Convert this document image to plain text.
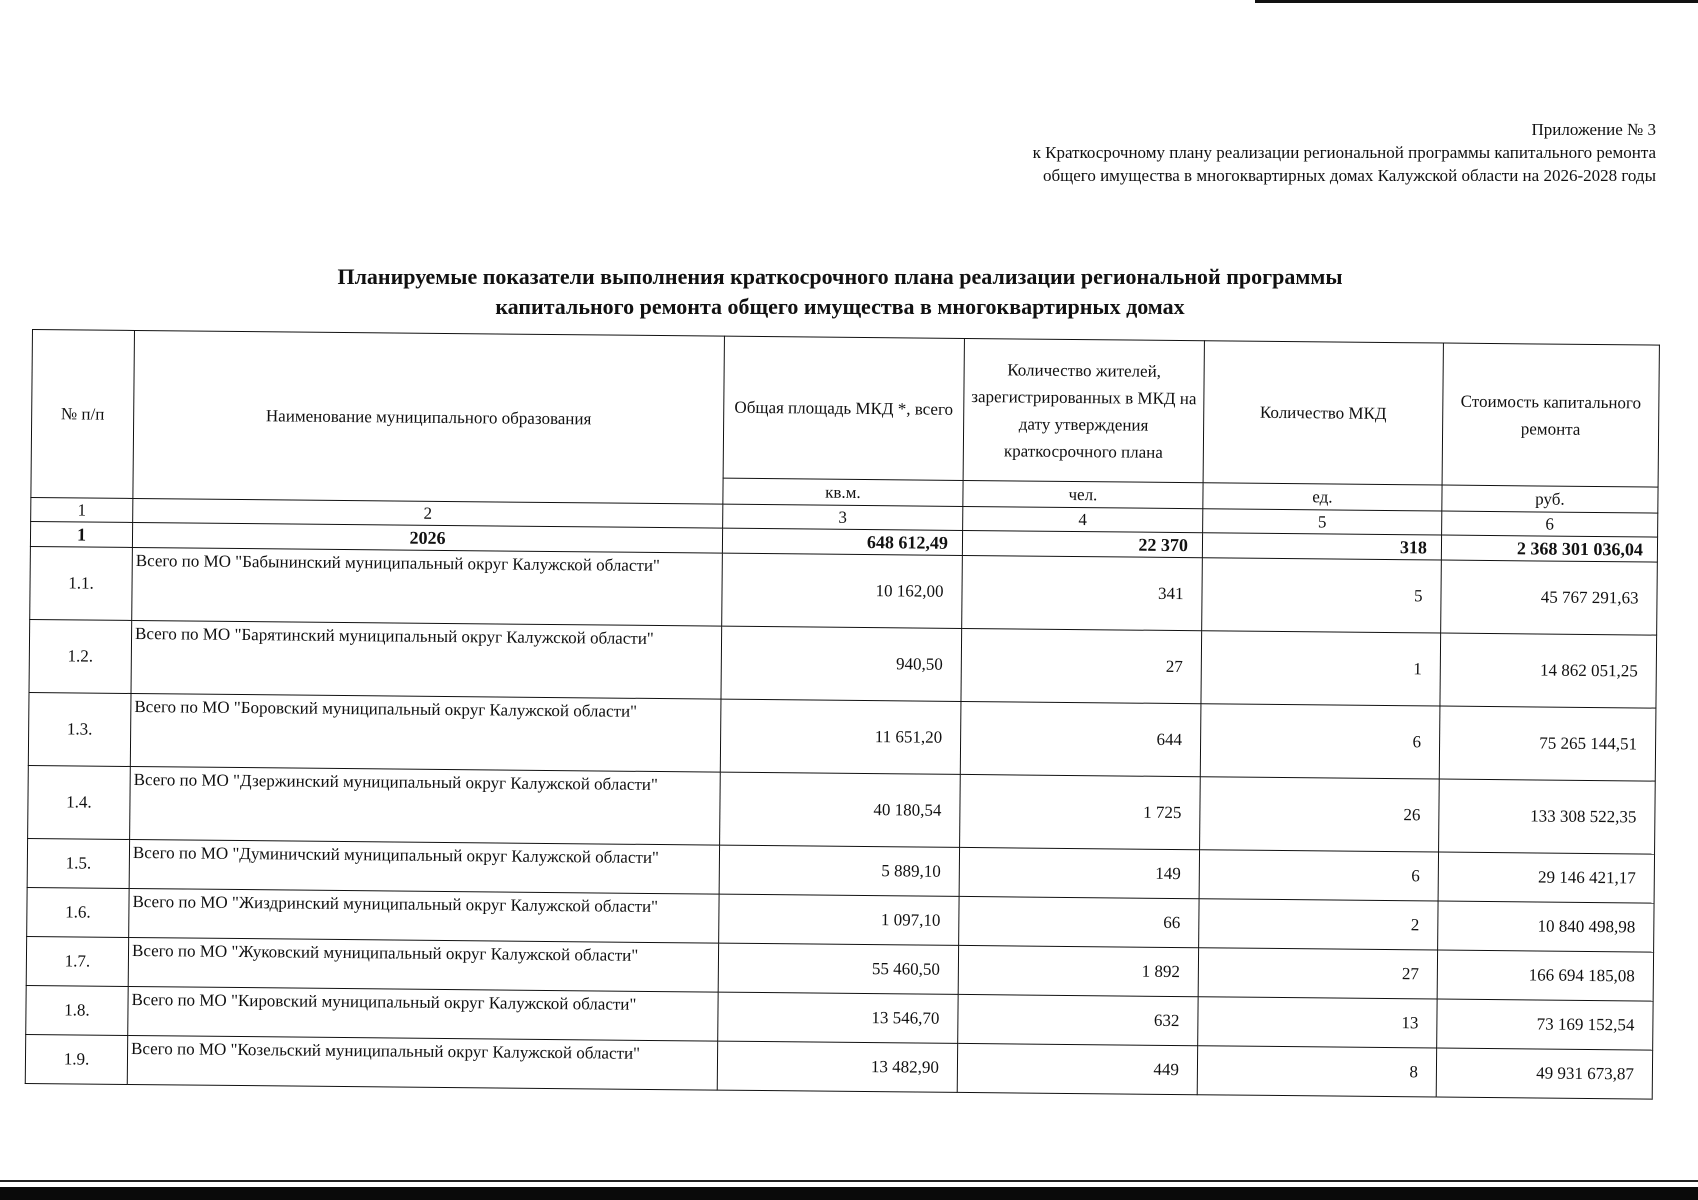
Приложение № 3
к Краткосрочному плану реализации региональной программы капитального ремонта
общего имущества в многоквартирных домах Калужской области на 2026-2028 годы
Планируемые показатели выполнения краткосрочного плана реализации региональной программы
капитального ремонта общего имущества в многоквартирных домах
№ п/п	Наименование муниципального образования	Общая площадь МКД *, всего	Количество жителей, зарегистрированных в МКД на дату утверждения краткосрочного плана	Количество МКД	Стоимость капитального ремонта
		кв.м.	чел.	ед.	руб.
1	2	3	4	5	6
1	2026	648 612,49	22 370	318	2 368 301 036,04
1.1.	Всего по МО "Бабынинский муниципальный округ Калужской области"	10 162,00	341	5	45 767 291,63
1.2.	Всего по МО "Барятинский муниципальный округ Калужской области"	940,50	27	1	14 862 051,25
1.3.	Всего по МО "Боровский муниципальный округ Калужской области"	11 651,20	644	6	75 265 144,51
1.4.	Всего по МО "Дзержинский муниципальный округ Калужской области"	40 180,54	1 725	26	133 308 522,35
1.5.	Всего по МО "Думиничский муниципальный округ Калужской области"	5 889,10	149	6	29 146 421,17
1.6.	Всего по МО "Жиздринский муниципальный округ Калужской области"	1 097,10	66	2	10 840 498,98
1.7.	Всего по МО "Жуковский муниципальный округ Калужской области"	55 460,50	1 892	27	166 694 185,08
1.8.	Всего по МО "Кировский муниципальный округ Калужской области"	13 546,70	632	13	73 169 152,54
1.9.	Всего по МО "Козельский муниципальный округ Калужской области"	13 482,90	449	8	49 931 673,87
